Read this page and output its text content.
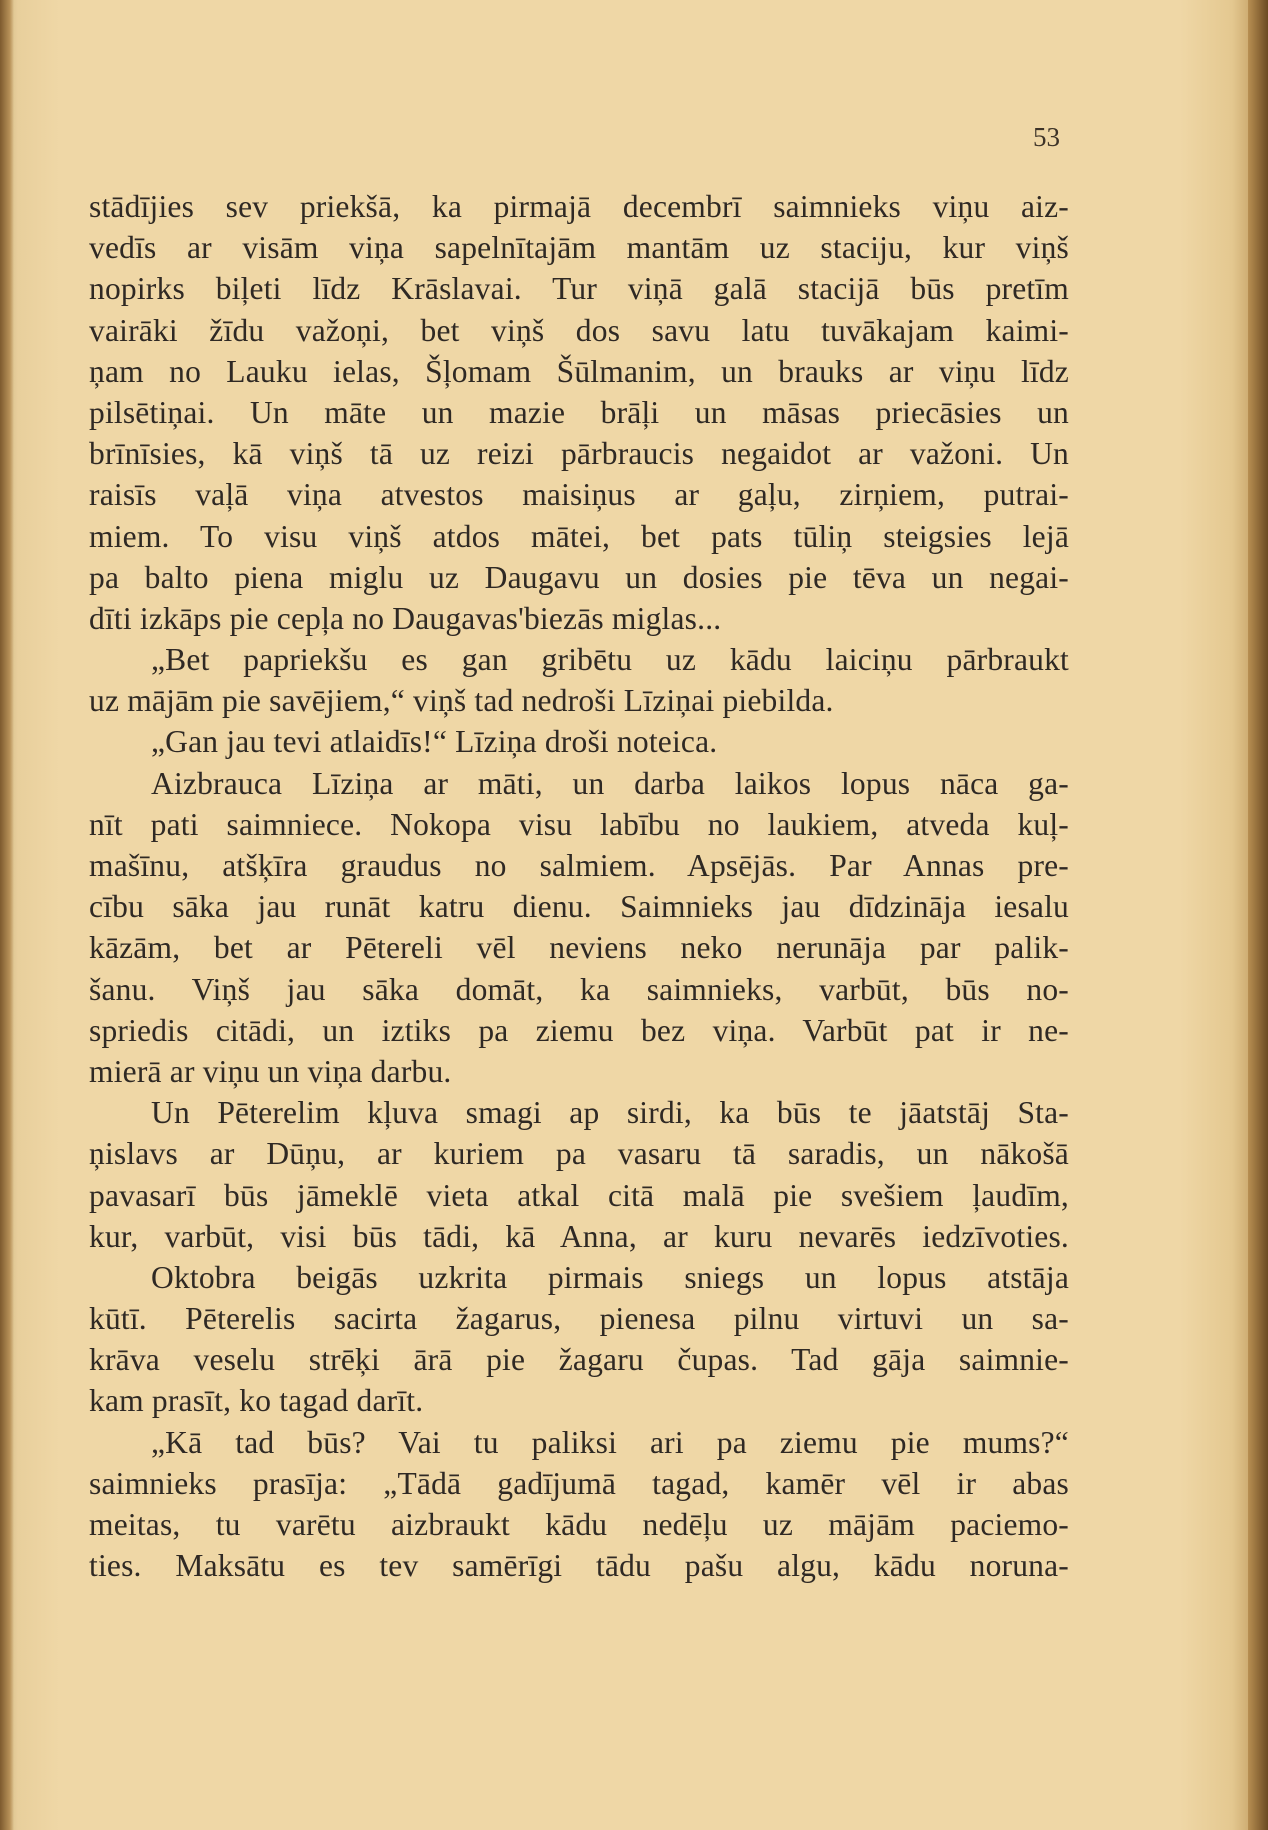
53
stādījies sev priekšā, ka pirmajā decembrī saimnieks viņu aiz-
vedīs ar visām viņa sapelnītajām mantām uz staciju, kur viņš
nopirks biļeti līdz Krāslavai. Tur viņā galā stacijā būs pretīm
vairāki žīdu važoņi, bet viņš dos savu latu tuvākajam kaimi-
ņam no Lauku ielas, Šļomam Šūlmanim, un brauks ar viņu līdz
pilsētiņai. Un māte un mazie brāļi un māsas priecāsies un
brīnīsies, kā viņš tā uz reizi pārbraucis negaidot ar važoni. Un
raisīs vaļā viņa atvestos maisiņus ar gaļu, zirņiem, putrai-
miem. To visu viņš atdos mātei, bet pats tūliņ steigsies lejā
pa balto piena miglu uz Daugavu un dosies pie tēva un negai-
dīti izkāps pie cepļa no Daugavas'biezās miglas...
„Bet papriekšu es gan gribētu uz kādu laiciņu pārbraukt
uz mājām pie savējiem,“ viņš tad nedroši Līziņai piebilda.
„Gan jau tevi atlaidīs!“ Līziņa droši noteica.
Aizbrauca Līziņa ar māti, un darba laikos lopus nāca ga-
nīt pati saimniece. Nokopa visu labību no laukiem, atveda kuļ-
mašīnu, atšķīra graudus no salmiem. Apsējās. Par Annas pre-
cību sāka jau runāt katru dienu. Saimnieks jau dīdzināja iesalu
kāzām, bet ar Pētereli vēl neviens neko nerunāja par palik-
šanu. Viņš jau sāka domāt, ka saimnieks, varbūt, būs no-
spriedis citādi, un iztiks pa ziemu bez viņa. Varbūt pat ir ne-
mierā ar viņu un viņa darbu.
Un Pēterelim kļuva smagi ap sirdi, ka būs te jāatstāj Sta-
ņislavs ar Dūņu, ar kuriem pa vasaru tā saradis, un nākošā
pavasarī būs jāmeklē vieta atkal citā malā pie svešiem ļaudīm,
kur, varbūt, visi būs tādi, kā Anna, ar kuru nevarēs iedzīvoties.
Oktobra beigās uzkrita pirmais sniegs un lopus atstāja
kūtī. Pēterelis sacirta žagarus, pienesa pilnu virtuvi un sa-
krāva veselu strēķi ārā pie žagaru čupas. Tad gāja saimnie-
kam prasīt, ko tagad darīt.
„Kā tad būs? Vai tu paliksi ari pa ziemu pie mums?“
saimnieks prasīja: „Tādā gadījumā tagad, kamēr vēl ir abas
meitas, tu varētu aizbraukt kādu nedēļu uz mājām paciemo-
ties. Maksātu es tev samērīgi tādu pašu algu, kādu noruna-
